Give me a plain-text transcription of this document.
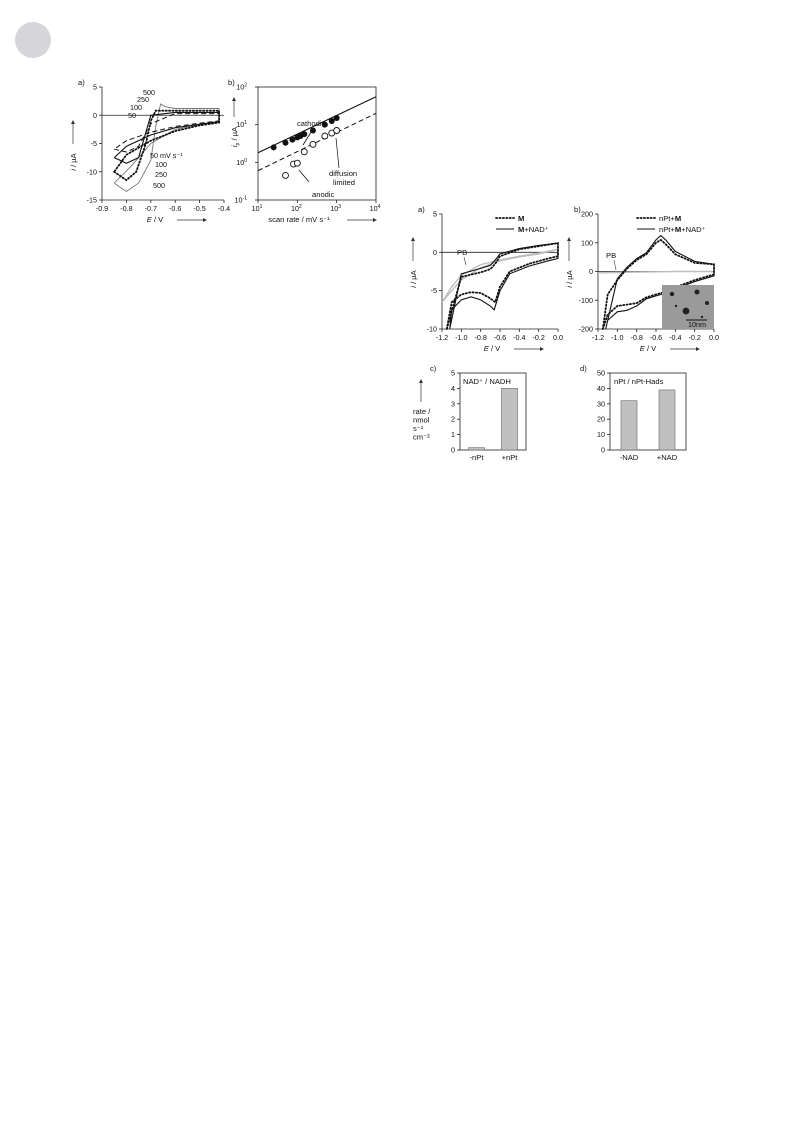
a) 5
0
-5
-10
-15
-0.9 -0.8 -0.7 -0.6 -0.5 -0.4
E / V
i / µA
500
250
100
50
50 mV s⁻¹
100
250
500
b)
$10^1$	$10^2$	$10^3$	$10^4$
$10^2$
$10^1$
$10^0$
$10^{-1}$
cathodic
diffusion
limited
anodic
scan rate / mV s⁻¹
$i_p$ / µA
a) 5
0
-5
-10
-1.2 -1.0 -0.8 -0.6 -0.4 -0.2 0.0
E / V
i / µA
M
M+NAD⁺
PB
b) 200
100
0
-100
-200
-1.2 -1.0 -0.8 -0.6 -0.4 -0.2 0.0
E / V
i / µA
nPt+M
nPt+M+NAD⁺
PB
10nm
c)
0
1
2
3
4
5
-nPt +nPt
NAD⁺ / NADH
rate /
nmol
s⁻¹
cm⁻²
d)
0
10
20
30
40
50
-NAD +NAD
nPt / nPt-Hads
